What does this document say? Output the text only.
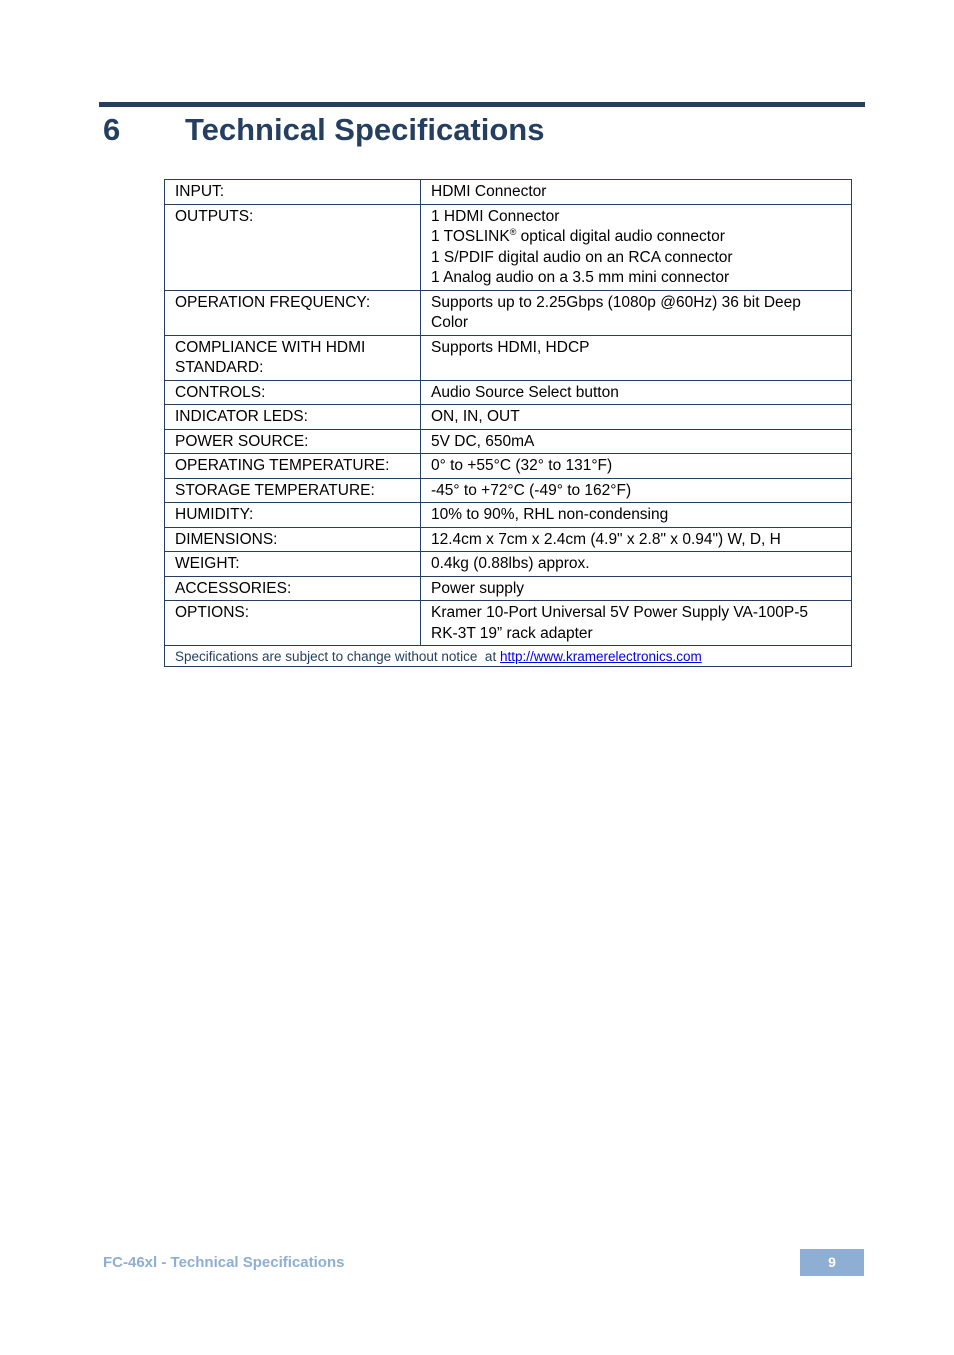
6 Technical Specifications
INPUT:	HDMI Connector

OUTPUTS:	1 HDMI Connector
1 TOSLINK® optical digital audio connector
1 S/PDIF digital audio on an RCA connector
1 Analog audio on a 3.5 mm mini connector

OPERATION FREQUENCY:	Supports up to 2.25Gbps (1080p @60Hz) 36 bit Deep Color

COMPLIANCE WITH HDMI STANDARD:	Supports HDMI, HDCP

CONTROLS:	Audio Source Select button

INDICATOR LEDS:	ON, IN, OUT

POWER SOURCE:	5V DC, 650mA

OPERATING TEMPERATURE:	0° to +55°C (32° to 131°F)

STORAGE TEMPERATURE:	-45° to +72°C (-49° to 162°F)

HUMIDITY:	10% to 90%, RHL non-condensing

DIMENSIONS:	12.4cm x 7cm x 2.4cm (4.9" x 2.8" x 0.94") W, D, H

WEIGHT:	0.4kg (0.88lbs) approx.

ACCESSORIES:	Power supply

OPTIONS:	Kramer 10-Port Universal 5V Power Supply VA-100P-5
RK-3T 19” rack adapter

Specifications are subject to change without notice  at http://www.kramerelectronics.com	
FC-46xl - Technical Specifications	9
